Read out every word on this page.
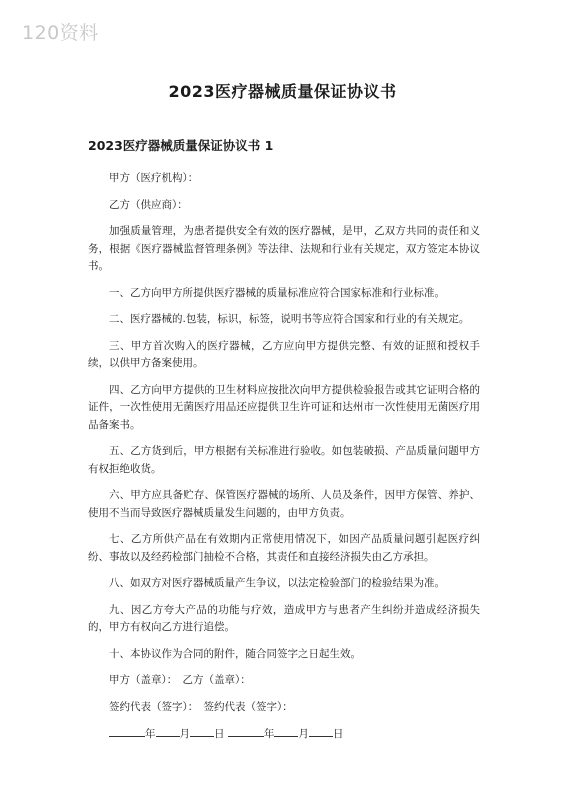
120资料
2023医疗器械质量保证协议书
2023医疗器械质量保证协议书 1

甲方（医疗机构）：

乙方（供应商）：

加强质量管理，为患者提供安全有效的医疗器械，是甲，乙双方共同的责任和义务，根据《医疗器械监督管理条例》等法律、法规和行业有关规定，双方签定本协议书。

一、乙方向甲方所提供医疗器械的质量标准应符合国家标准和行业标准。

二、医疗器械的.包装，标识，标签，说明书等应符合国家和行业的有关规定。

三、甲方首次购入的医疗器械，乙方应向甲方提供完整、有效的证照和授权手续，以供甲方备案使用。

四、乙方向甲方提供的卫生材料应按批次向甲方提供检验报告或其它证明合格的证件，一次性使用无菌医疗用品还应提供卫生许可证和达州市一次性使用无菌医疗用品备案书。

五、乙方货到后，甲方根据有关标准进行验收。如包装破损、产品质量问题甲方有权拒绝收货。

六、甲方应具备贮存、保管医疗器械的场所、人员及条件，因甲方保管、养护、使用不当而导致医疗器械质量发生问题的，由甲方负责。

七、乙方所供产品在有效期内正常使用情况下，如因产品质量问题引起医疗纠纷、事故以及经药检部门抽检不合格，其责任和直接经济损失由乙方承担。

八、如双方对医疗器械质量产生争议，以法定检验部门的检验结果为准。

九、因乙方夸大产品的功能与疗效，造成甲方与患者产生纠纷并造成经济损失的，甲方有权向乙方进行追偿。

十、本协议作为合同的附件，随合同签字之日起生效。

甲方（盖章）：　乙方（盖章）：

签约代表（签字）：　签约代表（签字）：

年 月 日	年 月 日
